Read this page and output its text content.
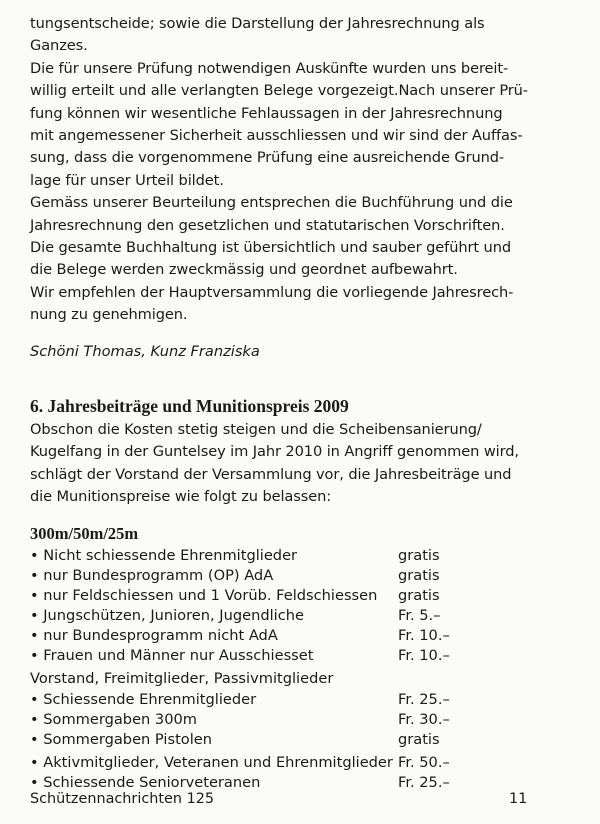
tungsentscheide; sowie die Darstellung der Jahresrechnung als
Ganzes.
Die für unsere Prüfung notwendigen Auskünfte wurden uns bereit-
willig erteilt und alle verlangten Belege vorgezeigt.Nach unserer Prü-
fung können wir wesentliche Fehlaussagen in der Jahresrechnung
mit angemessener Sicherheit ausschliessen und wir sind der Auffas-
sung, dass die vorgenommene Prüfung eine ausreichende Grund-
lage für unser Urteil bildet.
Gemäss unserer Beurteilung entsprechen die Buchführung und die
Jahresrechnung den gesetzlichen und statutarischen Vorschriften.
Die gesamte Buchhaltung ist übersichtlich und sauber geführt und
die Belege werden zweckmässig und geordnet aufbewahrt.
Wir empfehlen der Hauptversammlung die vorliegende Jahresrech-
nung zu genehmigen.
Schöni Thomas, Kunz Franziska
6. Jahresbeiträge und Munitionspreis 2009
Obschon die Kosten stetig steigen und die Scheibensanierung/
Kugelfang in der Guntelsey im Jahr 2010 in Angriff genommen wird,
schlägt der Vorstand der Versammlung vor, die Jahresbeiträge und
die Munitionspreise wie folgt zu belassen:
300m/50m/25m
• Nicht schiessende Ehrenmitglieder	gratis
• nur Bundesprogramm (OP) AdA	gratis
• nur Feldschiessen und 1 Vorüb. Feldschiessen gratis
• Jungschützen, Junioren, Jugendliche	Fr. 5.–
• nur Bundesprogramm nicht AdA	Fr. 10.–
• Frauen und Männer nur Ausschiesset	Fr. 10.–
Vorstand, Freimitglieder, Passivmitglieder
• Schiessende Ehrenmitglieder	Fr. 25.–
• Sommergaben 300m	Fr. 30.–
• Sommergaben Pistolen	gratis
• Aktivmitglieder, Veteranen und Ehrenmitglieder Fr. 50.–
• Schiessende Seniorveteranen	Fr. 25.–
Schützennachrichten 125	11
